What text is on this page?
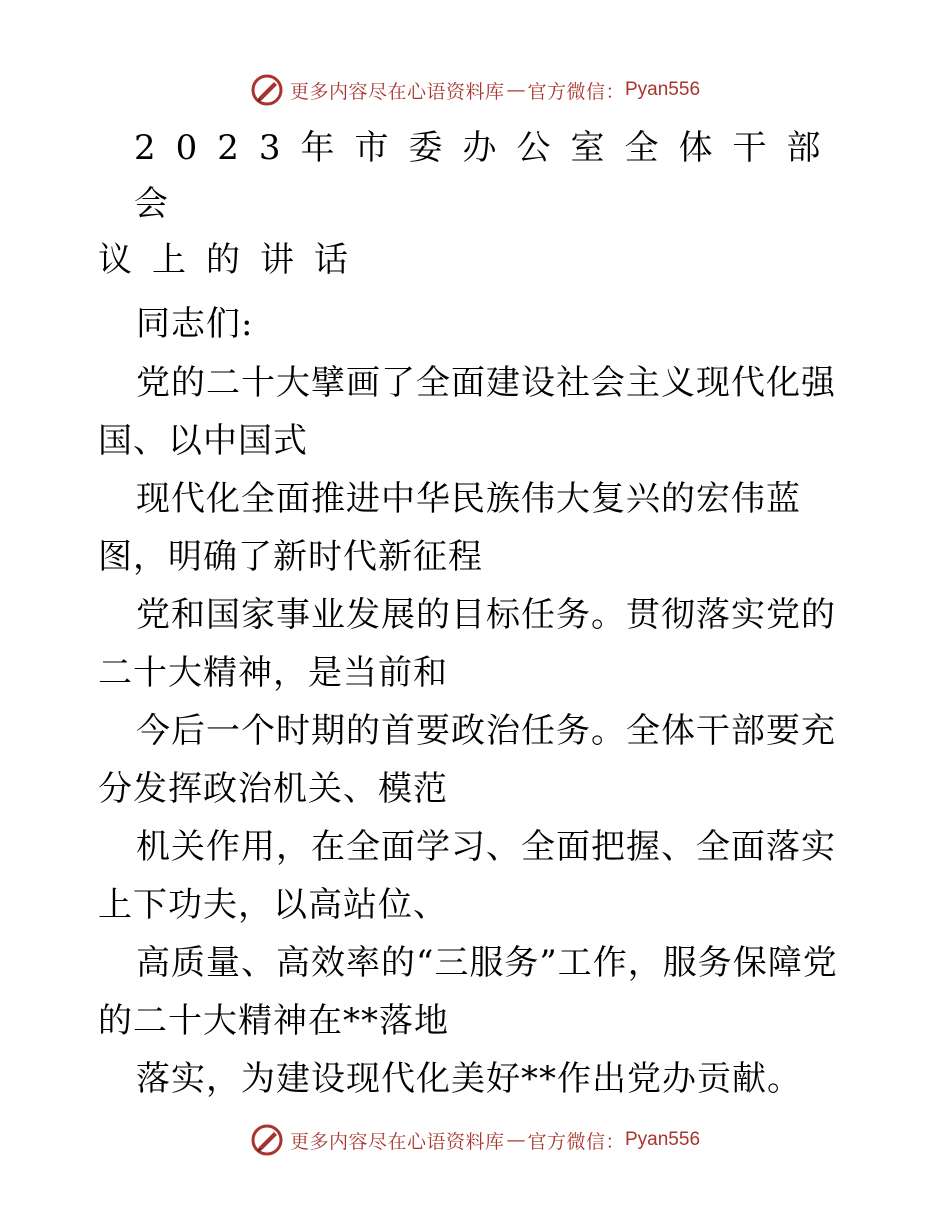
更多内容尽在心语资料库 — 官方微信： Pyan556
2023年市委办公室全体干部会
议上的讲话

同志们:

党的二十大擘画了全面建设社会主义现代化强国、以中国式

现代化全面推进中华民族伟大复兴的宏伟蓝图，明确了新时代新征程

党和国家事业发展的目标任务。贯彻落实党的二十大精神，是当前和

今后一个时期的首要政治任务。全体干部要充分发挥政治机关、模范

机关作用，在全面学习、全面把握、全面落实上下功夫，以高站位、

高质量、高效率的“三服务”工作，服务保障党的二十大精神在**落地

落实，为建设现代化美好**作出党办贡献。

更多内容尽在心语资料库 — 官方微信： Pyan556
